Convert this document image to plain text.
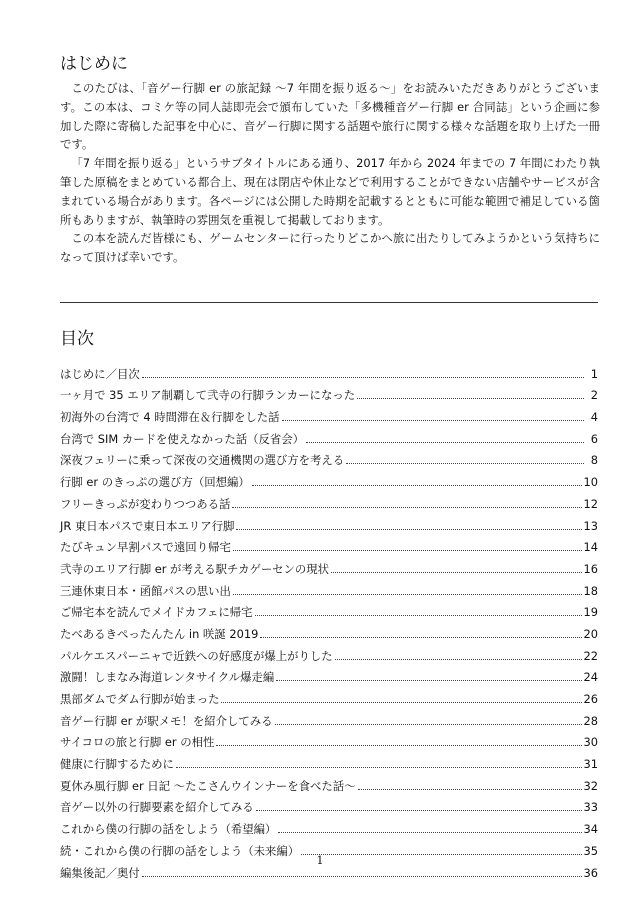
はじめに

このたびは、「音ゲー行脚 er の旅記録 ～7 年間を振り返る～」をお読みいただきありがとうございます。この本は、コミケ等の同人誌即売会で頒布していた「多機種音ゲー行脚 er 合同誌」という企画に参加した際に寄稿した記事を中心に、音ゲー行脚に関する話題や旅行に関する様々な話題を取り上げた一冊です。

「7 年間を振り返る」というサブタイトルにある通り、2017 年から 2024 年までの 7 年間にわたり執筆した原稿をまとめている都合上、現在は閉店や休止などで利用することができない店舗やサービスが含まれている場合があります。各ページには公開した時期を記載するとともに可能な範囲で補足している箇所もありますが、執筆時の雰囲気を重視して掲載しております。

この本を読んだ皆様にも、ゲームセンターに行ったりどこかへ旅に出たりしてみようかという気持ちになって頂けば幸いです。

目次
はじめに／目次	1
一ヶ月で 35 エリア制覇して弐寺の行脚ランカーになった	2
初海外の台湾で 4 時間滞在＆行脚をした話	4
台湾で SIM カードを使えなかった話（反省会）	6
深夜フェリーに乗って深夜の交通機関の選び方を考える	8
行脚 er のきっぷの選び方（回想編）	10
フリーきっぷが変わりつつある話	12
JR 東日本パスで東日本エリア行脚	13
たびキュン早割パスで遠回り帰宅	14
弐寺のエリア行脚 er が考える駅チカゲーセンの現状	16
三連休東日本・函館パスの思い出	18
ご帰宅本を読んでメイドカフェに帰宅	19
たべあるきぺったんたん in 咲誕 2019	20
パルケエスパーニャで近鉄への好感度が爆上がりした	22
激闘！しまなみ海道レンタサイクル爆走編	24
黒部ダムでダム行脚が始まった	26
音ゲー行脚 er が駅メモ！を紹介してみる	28
サイコロの旅と行脚 er の相性	30
健康に行脚するために	31
夏休み風行脚 er 日記 ～たこさんウインナーを食べた話～	32
音ゲー以外の行脚要素を紹介してみる	33
これから僕の行脚の話をしよう（希望編）	34
続・これから僕の行脚の話をしよう（未来編）	35
編集後記／奥付	36
1
